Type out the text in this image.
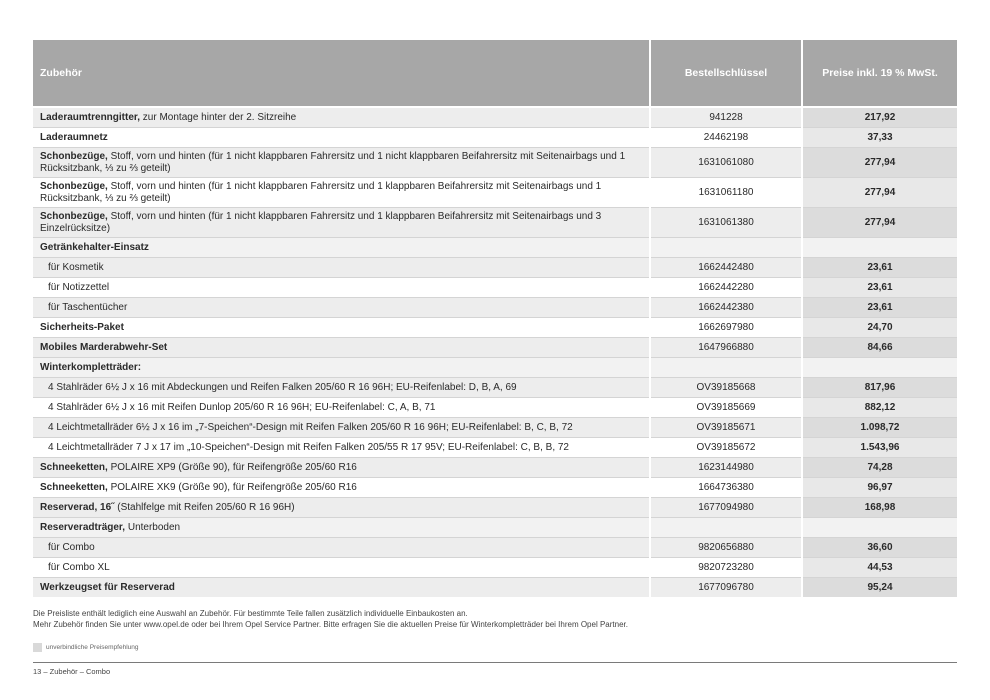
Zubehör	Bestellschlüssel	Preise inkl. 19 % MwSt.
Laderaumtrenngitter, zur Montage hinter der 2. Sitzreihe	941228	217,92
Laderaumnetz	24462198	37,33
Schonbezüge, Stoff, vorn und hinten (für 1 nicht klappbaren Fahrersitz und 1 nicht klappbaren Beifahrersitz mit Seitenairbags und 1 Rücksitzbank, ⅓ zu ⅔ geteilt)	1631061080	277,94
Schonbezüge, Stoff, vorn und hinten (für 1 nicht klappbaren Fahrersitz und 1 klappbaren Beifahrersitz mit Seitenairbags und 1 Rücksitzbank, ⅓ zu ⅔ geteilt)	1631061180	277,94
Schonbezüge, Stoff, vorn und hinten (für 1 nicht klappbaren Fahrersitz und 1 klappbaren Beifahrersitz mit Seitenairbags und 3 Einzelrücksitze)	1631061380	277,94
Getränkehalter-Einsatz		
für Kosmetik	1662442480	23,61
für Notizzettel	1662442280	23,61
für Taschentücher	1662442380	23,61
Sicherheits-Paket	1662697980	24,70
Mobiles Marderabwehr-Set	1647966880	84,66
Winterkompletträder:		
4 Stahlräder 6½ J x 16 mit Abdeckungen und Reifen Falken 205/60 R 16 96H; EU-Reifenlabel: D, B, A, 69	OV39185668	817,96
4 Stahlräder 6½ J x 16 mit Reifen Dunlop 205/60 R 16 96H; EU-Reifenlabel: C, A, B, 71	OV39185669	882,12
4 Leichtmetallräder 6½ J x 16 im „7-Speichen“-Design mit Reifen Falken 205/60 R 16 96H; EU-Reifenlabel: B, C, B, 72	OV39185671	1.098,72
4 Leichtmetallräder 7 J x 17 im „10-Speichen“-Design mit Reifen Falken 205/55 R 17 95V; EU-Reifenlabel: C, B, B, 72	OV39185672	1.543,96
Schneeketten, POLAIRE XP9 (Größe 90), für Reifengröße 205/60 R16	1623144980	74,28
Schneeketten, POLAIRE XK9 (Größe 90), für Reifengröße 205/60 R16	1664736380	96,97
Reserverad, 16˝ (Stahlfelge mit Reifen 205/60 R 16 96H)	1677094980	168,98
Reserveradträger, Unterboden		
für Combo	9820656880	36,60
für Combo XL	9820723280	44,53
Werkzeugset für Reserverad	1677096780	95,24
Die Preisliste enthält lediglich eine Auswahl an Zubehör. Für bestimmte Teile fallen zusätzlich individuelle Einbaukosten an.
Mehr Zubehör finden Sie unter www.opel.de oder bei Ihrem Opel Service Partner. Bitte erfragen Sie die aktuellen Preise für Winterkompletträder bei Ihrem Opel Partner.
unverbindliche Preisempfehlung
13 – Zubehör – Combo
